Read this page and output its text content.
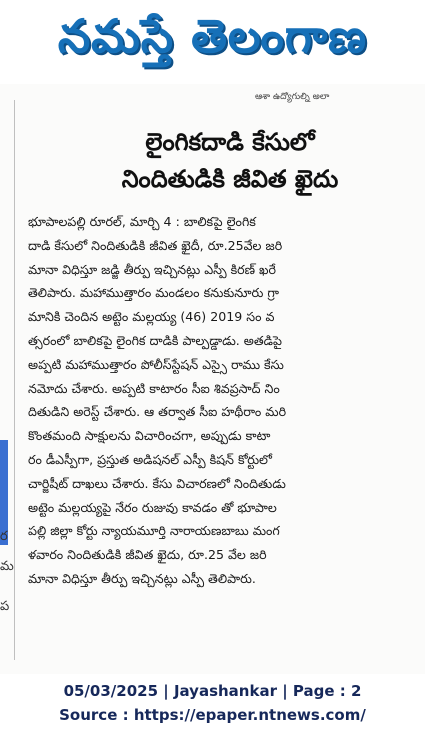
నమస్తే తెలంగాణ
ర
మ
ప
ఆశా ఉద్యోగుల్ని అలా
లైంగికదాడి కేసులో
నిందితుడికి జీవిత ఖైదు
భూపాలపల్లి రూరల్‌, మార్చి 4 : బాలికపై లైంగిక
దాడి కేసులో నిందితుడికి జీవిత ఖైదీ, రూ.25వేల జరి
మానా విధిస్తూ జడ్జి తీర్పు ఇచ్చినట్లు ఎస్పీ కిరణ్‌ ఖరే
తెలిపారు. మహాముత్తారం మండలం కనుకునూరు గ్రా
మానికి చెందిన అట్టెం మల్లయ్య (46) 2019 సం వ
త్సరంలో బాలికపై లైంగిక దాడికి పాల్పడ్డాడు. అతడిపై
అప్పటి మహాముత్తారం పోలీస్‌స్టేషన్‌ ఎస్సై రాము కేసు
నమోదు చేశారు. అప్పటి కాటారం సీఐ శివప్రసాద్‌ నిం
దితుడిని అరెస్ట్‌ చేశారు. ఆ తర్వాత సీఐ హథీరాం మరి
కొంతమంది సాక్షులను విచారించగా, అప్పుడు కాటా
రం డీఎస్పీగా, ప్రస్తుత అడిషనల్‌ ఎస్పీ కిషన్‌ కోర్టులో
చార్జిషీట్‌ దాఖలు చేశారు. కేసు విచారణలో నిందితుడు
అట్టెం మల్లయ్యపై నేరం రుజువు కావడం తో భూపాల
పల్లి జిల్లా కోర్టు న్యాయమూర్తి నారాయణబాబు మంగ
ళవారం నిందితుడికి జీవిత ఖైదు, రూ.25 వేల జరి
మానా విధిస్తూ తీర్పు ఇచ్చినట్లు ఎస్పీ తెలిపారు.
05/03/2025 | Jayashankar | Page : 2
Source : https://epaper.ntnews.com/
